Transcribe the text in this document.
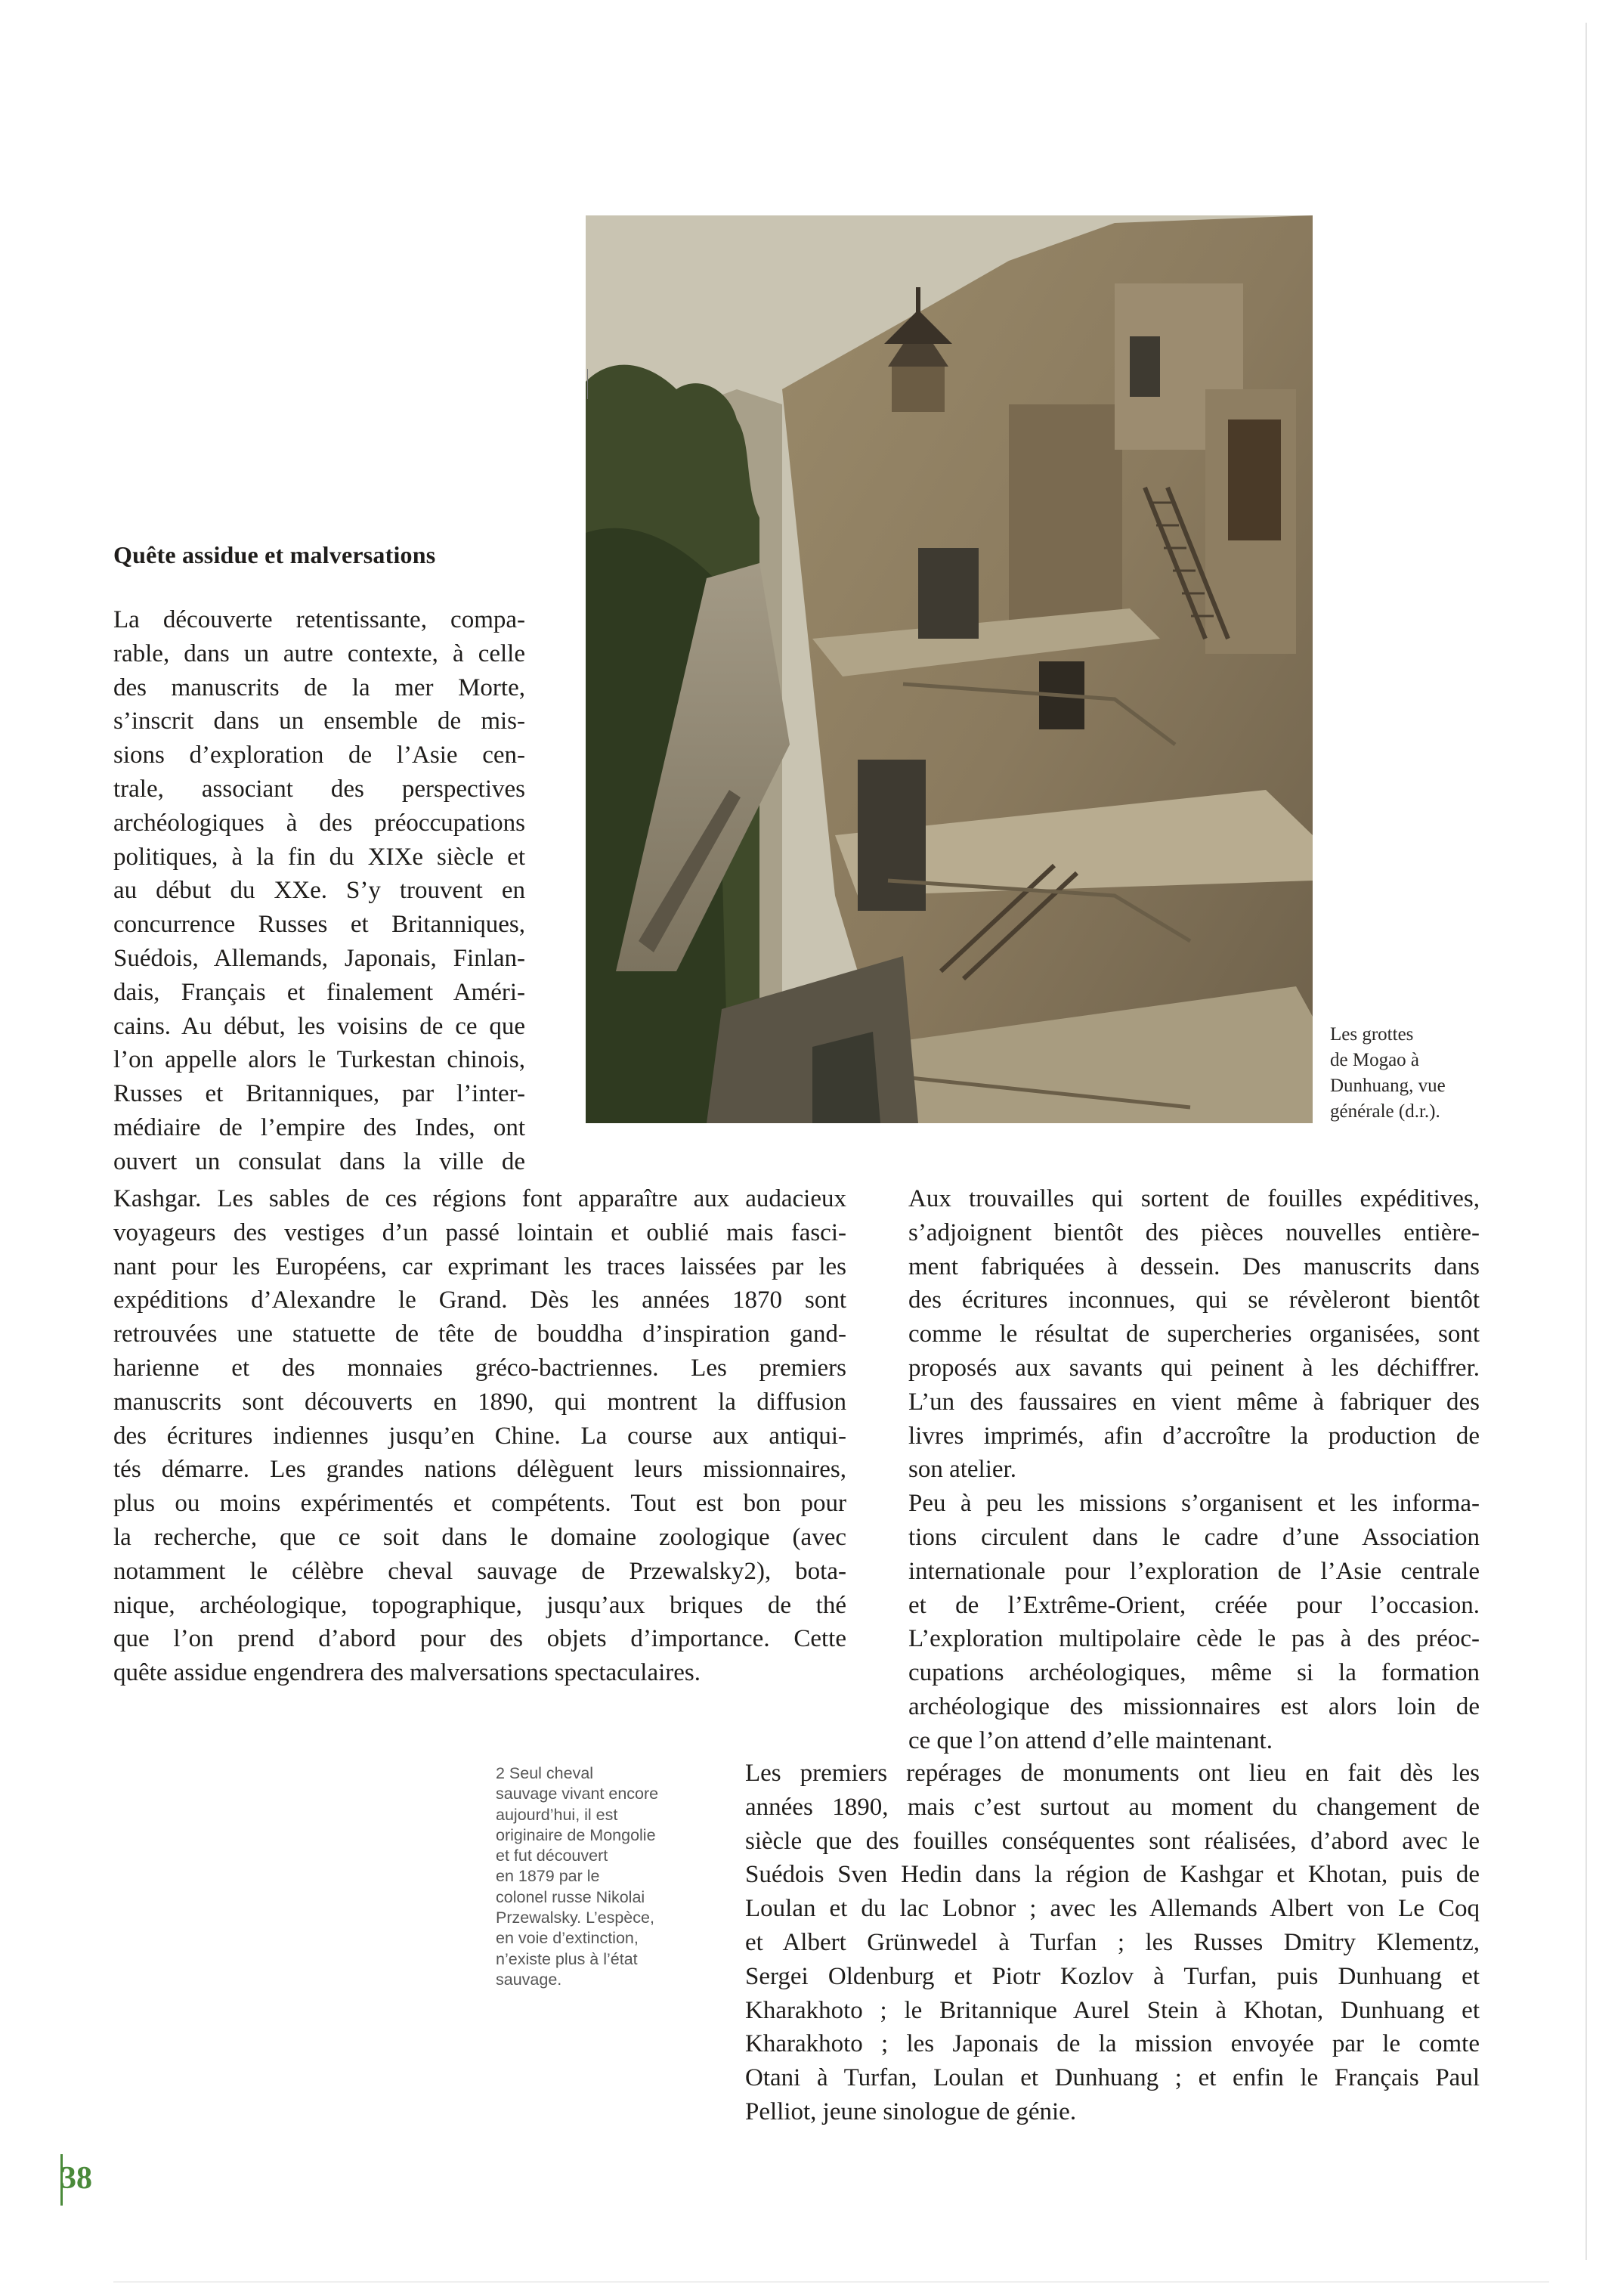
Quête assidue et malversations

La découverte retentissante, compa-
rable, dans un autre contexte, à celle
des manuscrits de la mer Morte,
s’inscrit dans un ensemble de mis-
sions d’exploration de l’Asie cen-
trale, associant des perspectives
archéologiques à des préoccupations
politiques, à la fin du XIXe siècle et
au début du XXe. S’y trouvent en
concurrence Russes et Britanniques,
Suédois, Allemands, Japonais, Finlan-
dais, Français et finalement Améri-
cains. Au début, les voisins de ce que
l’on appelle alors le Turkestan chinois,
Russes et Britanniques, par l’inter-
médiaire de l’empire des Indes, ont
ouvert un consulat dans la ville de

Kashgar. Les sables de ces régions font apparaître aux audacieux
voyageurs des vestiges d’un passé lointain et oublié mais fasci-
nant pour les Européens, car exprimant les traces laissées par les
expéditions d’Alexandre le Grand. Dès les années 1870 sont
retrouvées une statuette de tête de bouddha d’inspiration gand-
harienne et des monnaies gréco-bactriennes. Les premiers
manuscrits sont découverts en 1890, qui montrent la diffusion
des écritures indiennes jusqu’en Chine. La course aux antiqui-
tés démarre. Les grandes nations délèguent leurs missionnaires,
plus ou moins expérimentés et compétents. Tout est bon pour
la recherche, que ce soit dans le domaine zoologique (avec
notamment le célèbre cheval sauvage de Przewalsky2), bota-
nique, archéologique, topographique, jusqu’aux briques de thé
que l’on prend d’abord pour des objets d’importance. Cette
quête assidue engendrera des malversations spectaculaires.

Aux trouvailles qui sortent de fouilles expéditives,
s’adjoignent bientôt des pièces nouvelles entière-
ment fabriquées à dessein. Des manuscrits dans
des écritures inconnues, qui se révèleront bientôt
comme le résultat de supercheries organisées, sont
proposés aux savants qui peinent à les déchiffrer.
L’un des faussaires en vient même à fabriquer des
livres imprimés, afin d’accroître la production de
son atelier.
Peu à peu les missions s’organisent et les informa-
tions circulent dans le cadre d’une Association
internationale pour l’exploration de l’Asie centrale
et de l’Extrême-Orient, créée pour l’occasion.
L’exploration multipolaire cède le pas à des préoc-
cupations archéologiques, même si la formation
archéologique des missionnaires est alors loin de
ce que l’on attend d’elle maintenant.

Les premiers repérages de monuments ont lieu en fait dès les
années 1890, mais c’est surtout au moment du changement de
siècle que des fouilles conséquentes sont réalisées, d’abord avec le
Suédois Sven Hedin dans la région de Kashgar et Khotan, puis de
Loulan et du lac Lobnor ; avec les Allemands Albert von Le Coq
et Albert Grünwedel à Turfan ; les Russes Dmitry Klementz,
Sergei Oldenburg et Piotr Kozlov à Turfan, puis Dunhuang et
Kharakhoto ; le Britannique Aurel Stein à Khotan, Dunhuang et
Kharakhoto ; les Japonais de la mission envoyée par le comte
Otani à Turfan, Loulan et Dunhuang ; et enfin le Français Paul
Pelliot, jeune sinologue de génie.

Les grottes
de Mogao à
Dunhuang, vue
générale (d.r.).

2 Seul cheval
sauvage vivant encore
aujourd’hui, il est
originaire de Mongolie
et fut découvert
en 1879 par le
colonel russe Nikolai
Przewalsky. L’espèce,
en voie d’extinction,
n’existe plus à l’état
sauvage.

38
